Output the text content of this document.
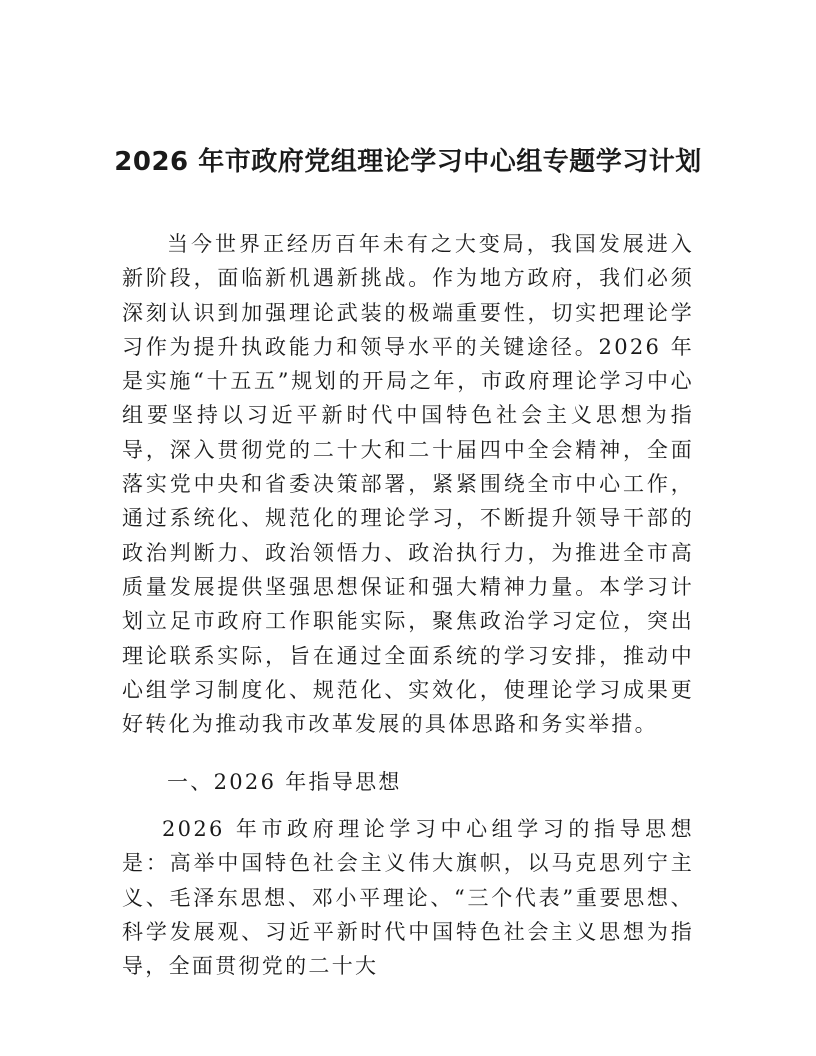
2026 年市政府党组理论学习中心组专题学习计划

当今世界正经历百年未有之大变局，我国发展进入新阶段，面临新机遇新挑战。作为地方政府，我们必须深刻认识到加强理论武装的极端重要性，切实把理论学习作为提升执政能力和领导水平的关键途径。2026 年是实施“十五五”规划的开局之年，市政府理论学习中心组要坚持以习近平新时代中国特色社会主义思想为指导，深入贯彻党的二十大和二十届四中全会精神，全面落实党中央和省委决策部署，紧紧围绕全市中心工作，通过系统化、规范化的理论学习，不断提升领导干部的政治判断力、政治领悟力、政治执行力，为推进全市高质量发展提供坚强思想保证和强大精神力量。本学习计划立足市政府工作职能实际，聚焦政治学习定位，突出理论联系实际，旨在通过全面系统的学习安排，推动中心组学习制度化、规范化、实效化，使理论学习成果更好转化为推动我市改革发展的具体思路和务实举措。

一、2026 年指导思想

2026 年市政府理论学习中心组学习的指导思想是：高举中国特色社会主义伟大旗帜，以马克思列宁主义、毛泽东思想、邓小平理论、“三个代表”重要思想、科学发展观、习近平新时代中国特色社会主义思想为指导，全面贯彻党的二十大
